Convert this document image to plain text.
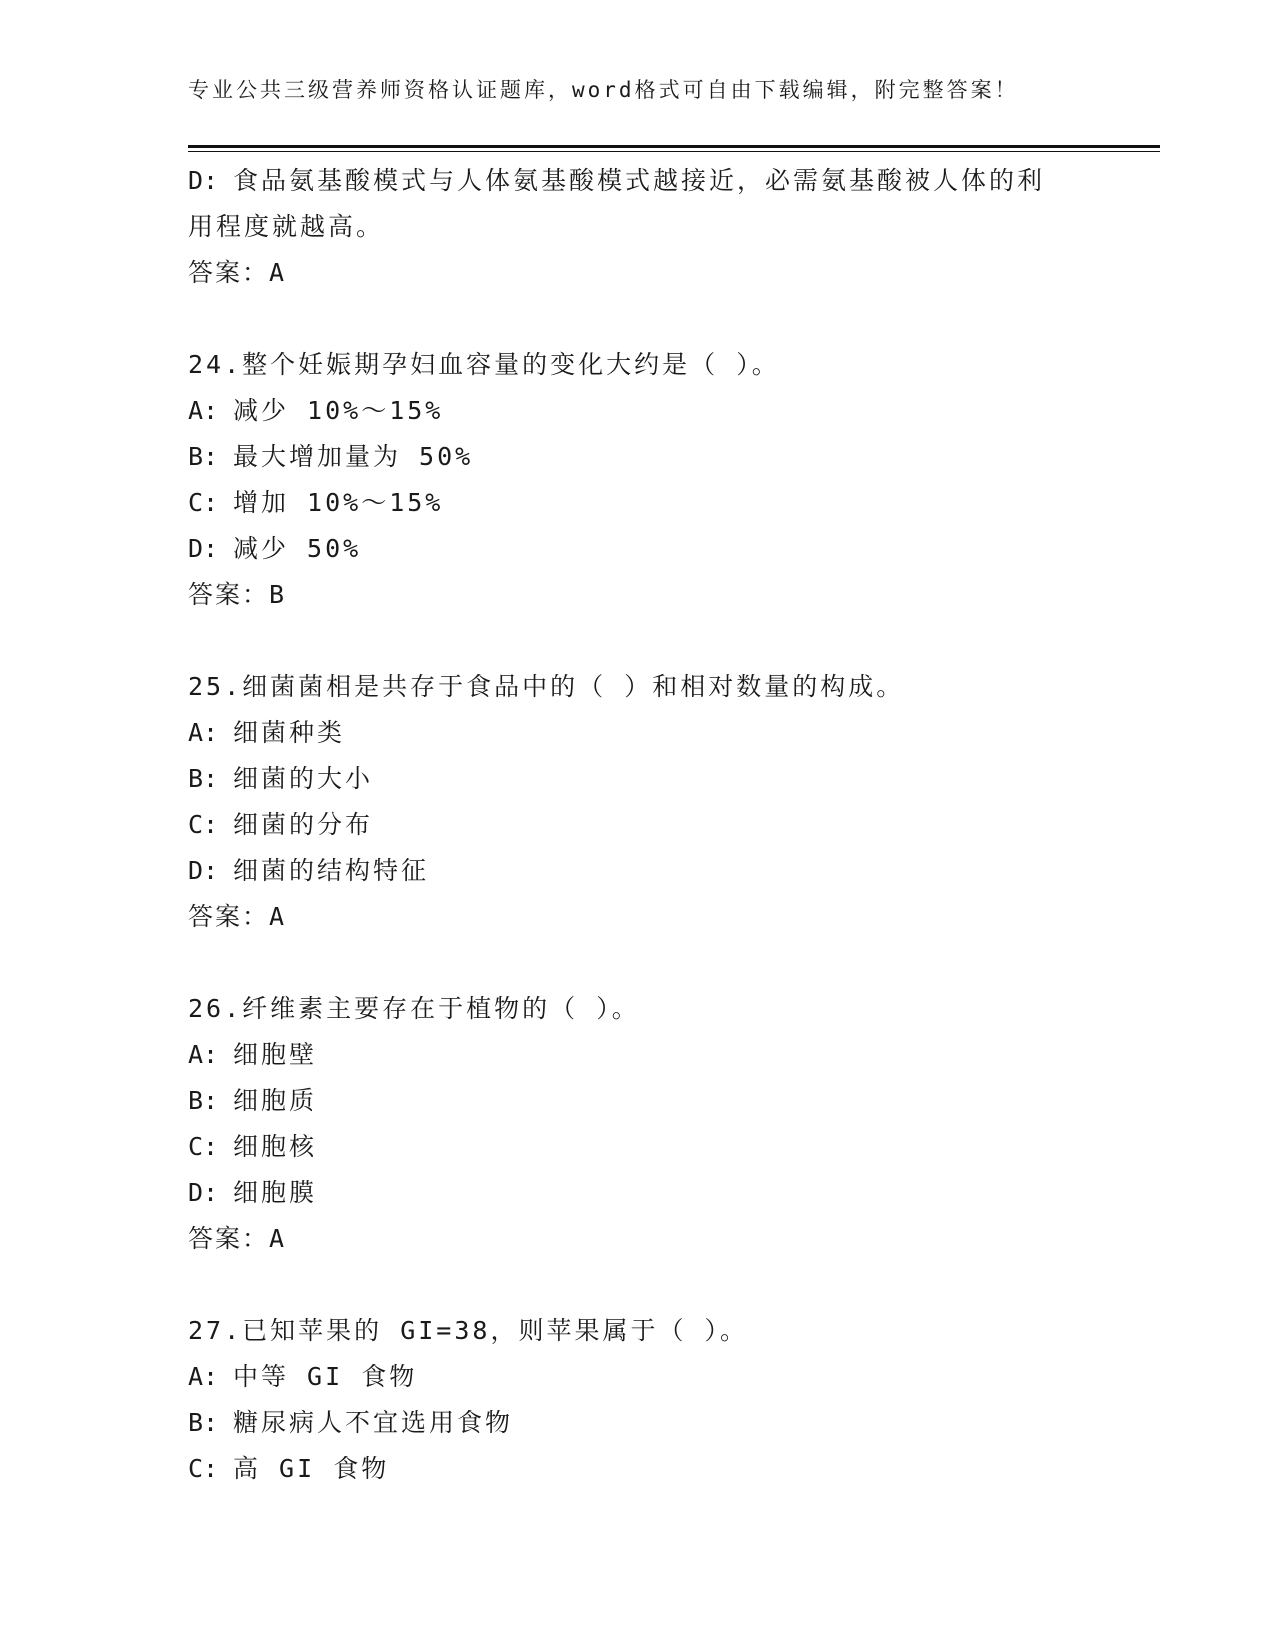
专业公共三级营养师资格认证题库，word格式可自由下载编辑，附完整答案！
D: 食品氨基酸模式与人体氨基酸模式越接近，必需氨基酸被人体的利
用程度就越高。
答案：A
24.整个妊娠期孕妇血容量的变化大约是（ ）。
A: 减少 10%～15%
B: 最大增加量为 50%
C: 增加 10%～15%
D: 减少 50%
答案：B
25.细菌菌相是共存于食品中的（ ）和相对数量的构成。
A: 细菌种类
B: 细菌的大小
C: 细菌的分布
D: 细菌的结构特征
答案：A
26.纤维素主要存在于植物的（ ）。
A: 细胞壁
B: 细胞质
C: 细胞核
D: 细胞膜
答案：A
27.已知苹果的 GI=38，则苹果属于（ ）。
A: 中等 GI 食物
B: 糖尿病人不宜选用食物
C: 高 GI 食物
